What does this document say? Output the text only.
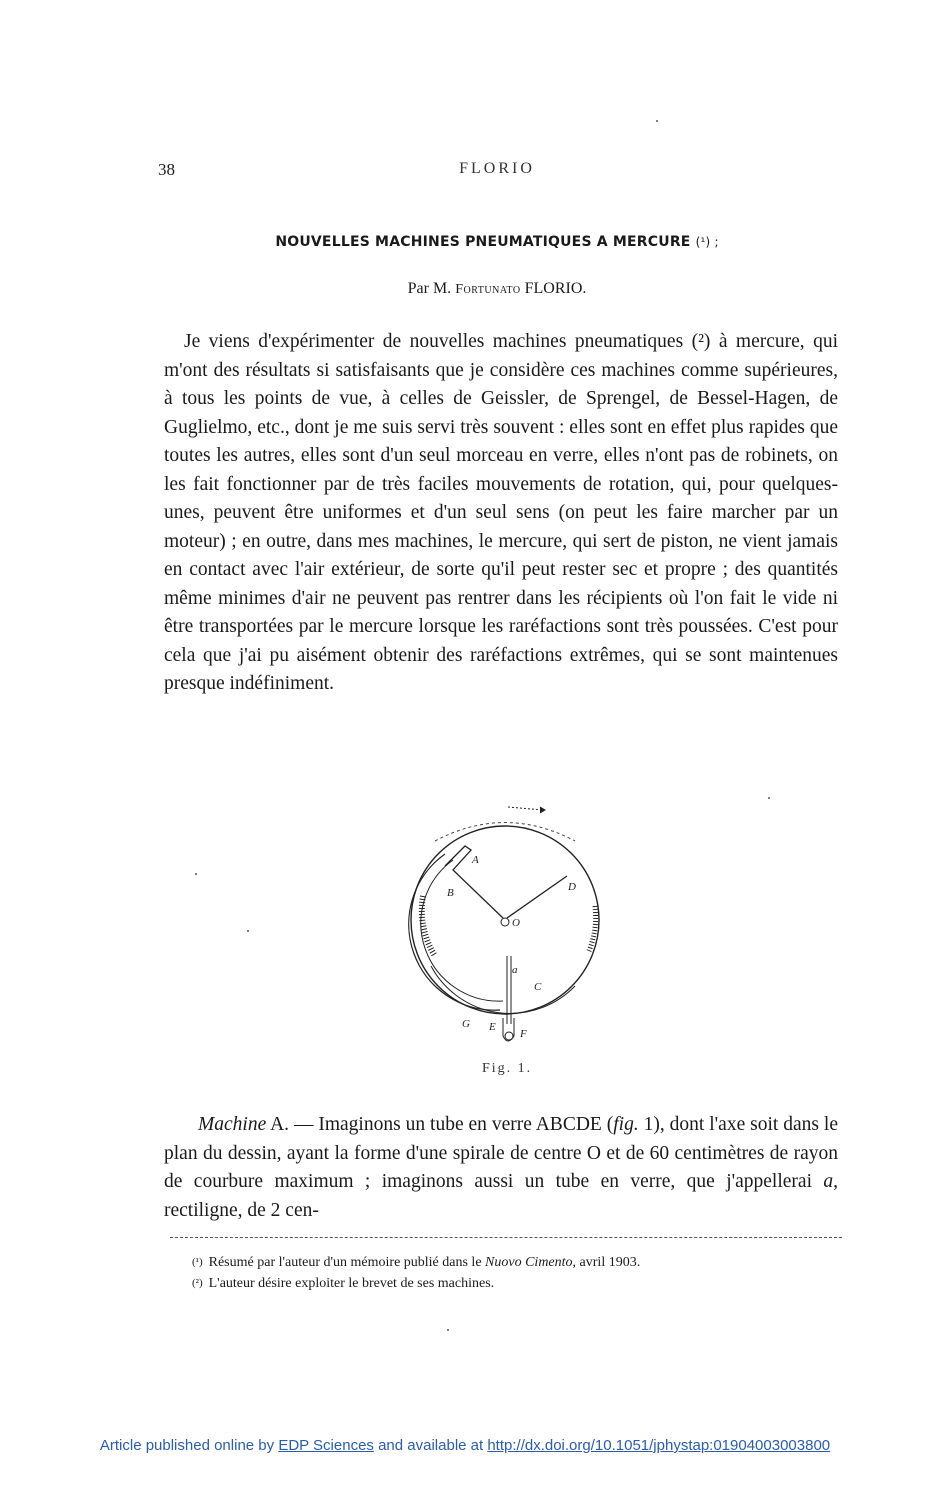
38	FLORIO
NOUVELLES MACHINES PNEUMATIQUES A MERCURE (¹) ;
Par M. Fortunato FLORIO.

Je viens d'expérimenter de nouvelles machines pneumatiques (²) à mercure, qui m'ont des résultats si satisfaisants que je considère ces machines comme supérieures, à tous les points de vue, à celles de Geissler, de Sprengel, de Bessel-Hagen, de Guglielmo, etc., dont je me suis servi très souvent : elles sont en effet plus rapides que toutes les autres, elles sont d'un seul morceau en verre, elles n'ont pas de robinets, on les fait fonctionner par de très faciles mouvements de rotation, qui, pour quelques-unes, peuvent être uniformes et d'un seul sens (on peut les faire marcher par un moteur) ; en outre, dans mes machines, le mercure, qui sert de piston, ne vient jamais en contact avec l'air extérieur, de sorte qu'il peut rester sec et propre ; des quantités même minimes d'air ne peuvent pas rentrer dans les récipients où l'on fait le vide ni être transportées par le mercure lorsque les raréfactions sont très poussées. C'est pour cela que j'ai pu aisément obtenir des raréfactions extrêmes, qui se sont maintenues presque indéfiniment.

A
B	D
O
a
C
G E
F
Fig. 1.

Machine A. — Imaginons un tube en verre ABCDE (fig. 1), dont l'axe soit dans le plan du dessin, ayant la forme d'une spirale de centre O et de 60 centimètres de rayon de courbure maximum ; imaginons aussi un tube en verre, que j'appellerai a, rectiligne, de 2 cen-

(¹) Résumé par l'auteur d'un mémoire publié dans le Nuovo Cimento, avril 1903.

(²) L'auteur désire exploiter le brevet de ses machines.

Article published online by EDP Sciences and available at http://dx.doi.org/10.1051/jphystap:01904003003800
